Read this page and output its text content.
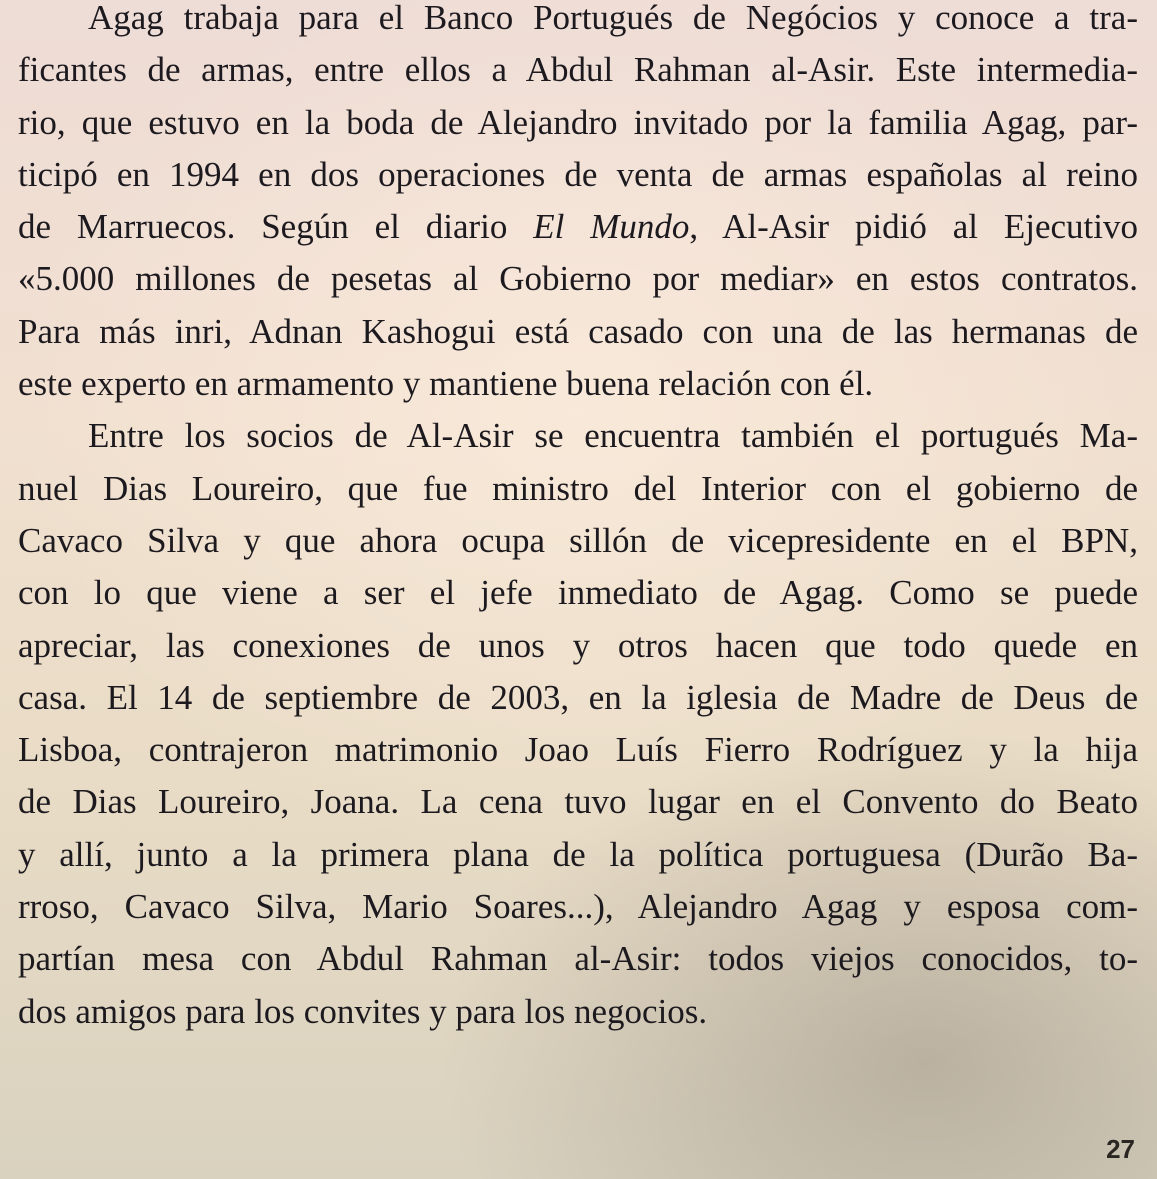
Agag trabaja para el Banco Portugués de Negócios y conoce a tra-
ficantes de armas, entre ellos a Abdul Rahman al-Asir. Este intermedia-
rio, que estuvo en la boda de Alejandro invitado por la familia Agag, par-
ticipó en 1994 en dos operaciones de venta de armas españolas al reino
de Marruecos. Según el diario El Mundo, Al-Asir pidió al Ejecutivo
«5.000 millones de pesetas al Gobierno por mediar» en estos contratos.
Para más inri, Adnan Kashogui está casado con una de las hermanas de
este experto en armamento y mantiene buena relación con él.

Entre los socios de Al-Asir se encuentra también el portugués Ma-
nuel Dias Loureiro, que fue ministro del Interior con el gobierno de
Cavaco Silva y que ahora ocupa sillón de vicepresidente en el BPN,
con lo que viene a ser el jefe inmediato de Agag. Como se puede
apreciar, las conexiones de unos y otros hacen que todo quede en
casa. El 14 de septiembre de 2003, en la iglesia de Madre de Deus de
Lisboa, contrajeron matrimonio Joao Luís Fierro Rodríguez y la hija
de Dias Loureiro, Joana. La cena tuvo lugar en el Convento do Beato
y allí, junto a la primera plana de la política portuguesa (Durão Ba-
rroso, Cavaco Silva, Mario Soares...), Alejandro Agag y esposa com-
partían mesa con Abdul Rahman al-Asir: todos viejos conocidos, to-
dos amigos para los convites y para los negocios.

27
